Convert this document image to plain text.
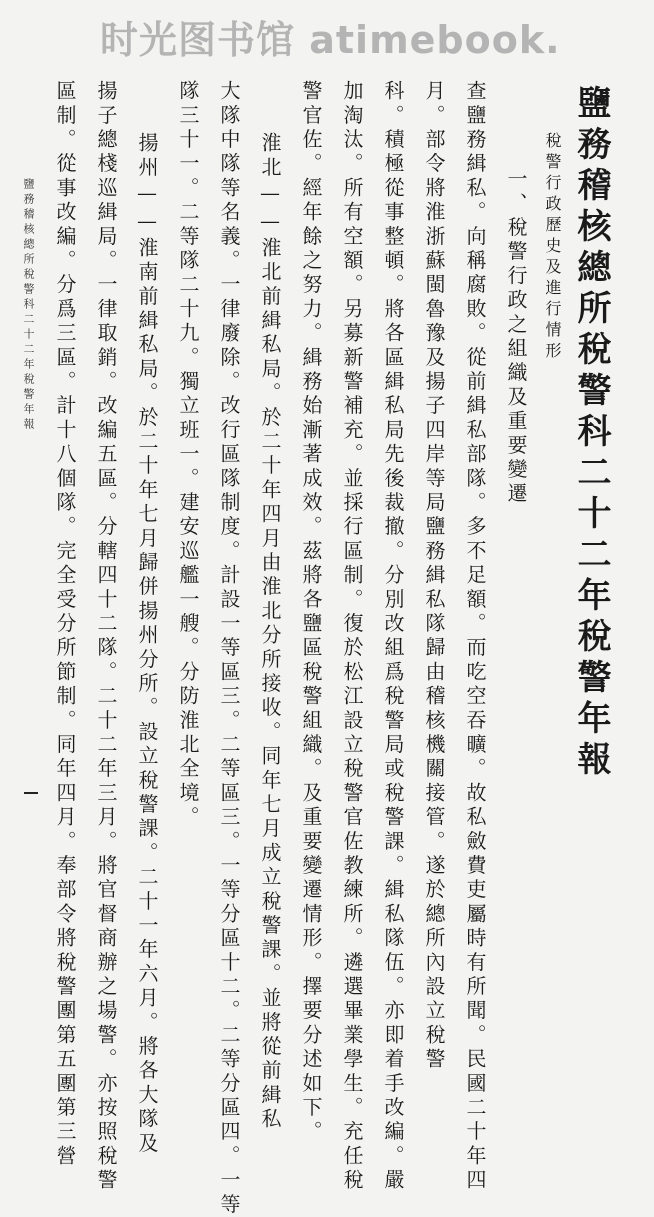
时光图书馆 atimebook.
鹽務稽核總所稅警科二十二年稅警年報
稅警行政歷史及進行情形
一、稅警行政之組織及重要變遷
查鹽務緝私。向稱腐敗。從前緝私部隊。多不足額。而吃空吞曠。故私斂費吏屬時有所聞。民國二十年四
月。部令將淮浙蘇閩魯豫及揚子四岸等局鹽務緝私隊歸由稽核機關接管。遂於總所內設立稅警
科。積極從事整頓。將各區緝私局先後裁撤。分別改組爲稅警局或稅警課。緝私隊伍。亦即着手改編。嚴
加淘汰。所有空額。另募新警補充。並採行區制。復於松江設立稅警官佐教練所。遴選畢業學生。充任稅
警官佐。經年餘之努力。緝務始漸著成效。茲將各鹽區稅警組織。及重要變遷情形。擇要分述如下。
淮北——淮北前緝私局。於二十年四月由淮北分所接收。同年七月成立稅警課。並將從前緝私
大隊中隊等名義。一律廢除。改行區隊制度。計設一等區三。二等區三。一等分區十二。二等分區四。一等
隊三十一。二等隊二十九。獨立班一。建安巡艦一艘。分防淮北全境。
揚州——淮南前緝私局。於二十年七月歸併揚州分所。設立稅警課。二十一年六月。將各大隊及
揚子總棧巡緝局。一律取銷。改編五區。分轄四十二隊。二十二年三月。將官督商辦之場警。亦按照稅警
區制。從事改編。分爲三區。計十八個隊。完全受分所節制。同年四月。奉部令將稅警團第五團第三營
鹽務稽核總所稅警科二十二年稅警年報
